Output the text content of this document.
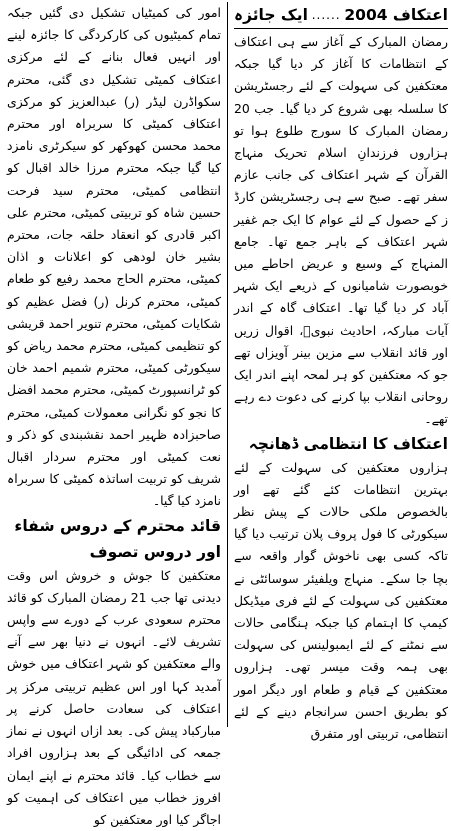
اعتکاف 2004
......
ایک جائزہ

رمضان المبارک کے آغاز سے ہی اعتکاف کے انتظامات کا آغاز کر دیا گیا جبکہ معتکفین کی سہولت کے لئے رجسٹریشن کا سلسلہ بھی شروع کر دیا گیا۔ جب 20 رمضان المبارک کا سورج طلوع ہوا تو ہزاروں فرزندانِ اسلام تحریک منہاج القرآن کے شہر اعتکاف کی جانب عازم سفر تھے۔ صبح سے ہی رجسٹریشن کارڈ ز کے حصول کے لئے عوام کا ایک جم غفیر شہر اعتکاف کے باہر جمع تھا۔ جامع المنہاج کے وسیع و عریض احاطے میں خوبصورت شامیانوں کے ذریعے ایک شہر آباد کر دیا گیا تھا۔ اعتکاف گاہ کے اندر آیات مبارکہ، احادیث نبویؐ، اقوال زریں اور قائد انقلاب سے مزین بینر آویزاں تھے جو کہ معتکفین کو ہر لمحہ اپنے اندر ایک روحانی انقلاب بپا کرنے کی دعوت دے رہے تھے۔

اعتکاف کا انتظامی ڈھانچہ

ہزاروں معتکفین کی سہولت کے لئے بہترین انتظامات کئے گئے تھے اور بالخصوص ملکی حالات کے پیش نظر سیکورٹی کا فول پروف پلان ترتیب دیا گیا تاکہ کسی بھی ناخوش گوار واقعہ سے بچا جا سکے۔ منہاج ویلفیئر سوسائٹی نے معتکفین کی سہولت کے لئے فری میڈیکل کیمپ کا اہتمام کیا جبکہ ہنگامی حالات سے نمٹنے کے لئے ایمبولینس کی سہولت بھی ہمہ وقت میسر تھی۔ ہزاروں معتکفین کے قیام و طعام اور دیگر امور کو بطریق احسن سرانجام دینے کے لئے انتظامی، تربیتی اور متفرق

امور کی کمیٹیاں تشکیل دی گئیں جبکہ تمام کمیٹیوں کی کارکردگی کا جائزہ لینے اور انہیں فعال بنانے کے لئے مرکزی اعتکاف کمیٹی تشکیل دی گئی، محترم سکواڈرن لیڈر (ر) عبدالعزیز کو مرکزی اعتکاف کمیٹی کا سربراہ اور محترم محمد محسن کھوکھر کو سیکرٹری نامزد کیا گیا جبکہ محترم مرزا خالد اقبال کو انتظامی کمیٹی، محترم سید فرحت حسین شاہ کو تربیتی کمیٹی، محترم علی اکبر قادری کو انعقاد حلقہ جات، محترم بشیر خان لودھی کو اعلانات و اذان کمیٹی، محترم الحاج محمد رفیع کو طعام کمیٹی، محترم کرنل (ر) فضل عظیم کو شکایات کمیٹی، محترم تنویر احمد قریشی کو تنظیمی کمیٹی، محترم محمد ریاض کو سیکورٹی کمیٹی، محترم شمیم احمد خان کو ٹرانسپورٹ کمیٹی، محترم محمد افضل کا نجو کو نگرانی معمولات کمیٹی، محترم صاحبزادہ ظہیر احمد نقشبندی کو ذکر و نعت کمیٹی اور محترم سردار اقبال شریف کو تربیت اساتذہ کمیٹی کا سربراہ نامزد کیا گیا۔

قائد محترم کے دروس شفاء اور دروس تصوف

معتکفین کا جوش و خروش اس وقت دیدنی تھا جب 21 رمضان المبارک کو قائد محترم سعودی عرب کے دورے سے واپس تشریف لائے۔ انہوں نے دنیا بھر سے آنے والے معتکفین کو شہر اعتکاف میں خوش آمدید کہا اور اس عظیم تربیتی مرکز پر اعتکاف کی سعادت حاصل کرنے پر مبارکباد پیش کی۔ بعد ازاں انہوں نے نماز جمعہ کی ادائیگی کے بعد ہزاروں افراد سے خطاب کیا۔ قائد محترم نے اپنے ایمان افروز خطاب میں اعتکاف کی اہمیت کو اجاگر کیا اور معتکفین کو
